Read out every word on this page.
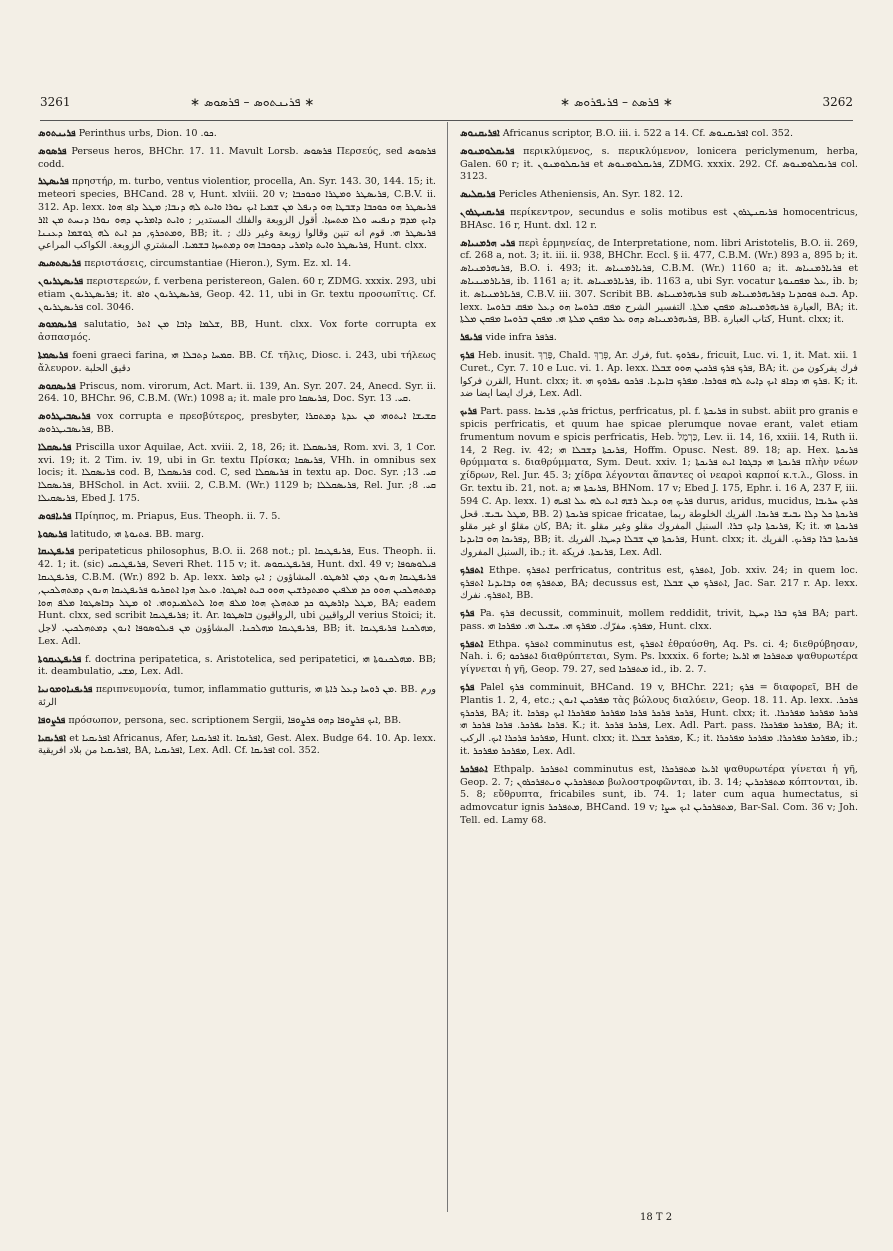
3261	∗ ܦܪܝܢܬܘܣ – ܦܪܣܘܣ ∗	∗ ܦܪܣܬ – ܦܪܝܦܪܘܣ ∗	3262
ܦܪܝܢܬܘܣ Perinthus urbs, Dion. ܟܘ. 10.
ܦܪܣܘܣ Perseus heros, BHChr. 17. 11. Mavult Lorsb. ܦܪܣܘܣ Περσεύς, sed ܦܪܣܘܣ codd.
ܦܪܝܣܛܪ πρηστήρ, m. turbo, ventus violentior, procella, An. Syr. 143. 30, 144. 15; it. meteori species, BHCand. 28 v, Hunt. xlviii. 20 v; ܦܪܝܣܛܪ ܘܡܛܪܐ ܘܟܘܟܒܐ, C.B.V. ii. 312. Ap. lexx. ܦܪܝܣܛܪ ܗܘ ܟܘܟܒܐ ܕܫܒܛܐ ܗܘ ܕܢܦܠ ܡܢ ܫܡܝܐ ܐܝܟ ܢܘܪܐ ܘܐܝܬ ܠܗ ܕܢܒܐ; ܡܛܠ ܕܐܦ ܗܘܐ ܕܐܝܟ ܡܕܡ ܕܢܦܝܚ ܘܠܐ ܡܬܚܙܐ. أقول الزوبعة والفلك المستدير ; ܘܐܝܬ ܕܐܡܪܝܢ ܕܗܘ ܢܘܪܐ ܕܢܚܬ ܡܢ ܐܐܪ ܘܡܬܟܪܟ, ܟܕ ܐܝܬ ܠܗ ܓܘܫܡܐ ܕܥܢܢܐ, BB; it. ܦܪܝܣܛܪ ܗܝ. قوم انه تنين وقالوا زوبعة وغير ذلك ; ܦܪܝܣܛܪ ܘܐܝܬ ܕܐܡܪܝ ܕܟܘܟܒܐ ܗܘ ܕܡܬܚܙܐ ܒܫܡܝܐ. المشتري الزوبعة. الكواكب المراعي, Hunt. clxx.
ܦܪܝܣܬܣܝܣ περιστάσεις, circumstantiae (Hieron.), Sym. Ez. xl. 14.
ܦܪܝܣܛܪܝܘܢ περιστερεών, f. verbena peristereon, Galen. 60 r, ZDMG. xxxix. 293, ubi etiam ܦܪܝܣܛܪܝܘܢ; it. ܦܪܝܣܛܪܝܘܢ ܘܐܦ, Geop. 42. 11, ubi in Gr. textu προσωπῖτις. Cf. ܦܪܝܣܛܪܝܘܢ col. 3046.
ܦܪܝܣܡܘܣ salutatio, ܫܠܡܐ ܕܐܒܐ ܡܢ ܐܬܪ, BB, Hunt. clxx. Vox forte corrupta ex ἀσπασμός.
ܦܪܝܣܡܬܐ foeni graeci farina, ܩܡܚܐ ܕܬܒܠܐ ܗܝ. BB. Cf. τῆλις, Diosc. i. 243, ubi τήλεως ἄλευρον. دقيق الحلبة
ܦܪܝܣܩܘܣ Priscus, nom. virorum, Act. Mart. ii. 139, An. Syr. 207. 24, Anecd. Syr. ii. 264. 10, BHChr. 96, C.B.M. (Wr.) 1098 a; it. male pro ܦܪܝܣܩܐ, Doc. Syr. ܩܝ. 13.
ܦܪܝܣܒܝܛܪܘܣ vox corrupta e πρεσβύτερος, presbyter, ܩܫܝܫܐ ܐܝܬܘܗܝ ܡܢ ܥܕܬܐ ܕܡܬܩܪܐ ܦܪܝܣܒܝܛܪܘܣ, BB.
ܦܪܝܣܩܠܐ Priscilla uxor Aquilae, Act. xviii. 2, 18, 26; it. ܦܪܝܣܩܠܐ, Rom. xvi. 3, 1 Cor. xvi. 19; it. 2 Tim. iv. 19, ubi in Gr. textu Πρίσκα; ܦܪܝܣܩܐ, VHh. in omnibus sex locis; it. ܦܪܝܣܩܠܐ cod. B, ܦܪܝܣܩܠܐ cod. C, sed ܦܪܝܣܩܠܐ in textu ap. Doc. Syr. ܩܝ. 13; ܦܪܝܣܩܠܐ, BHSchol. in Act. xviii. 2, C.B.M. (Wr.) 1129 b; ܦܪܝܣܩܠܠܐ, Rel. Jur. ܩܝ. 8; ܦܪܝܣܩܝܠܐ, Ebed J. 175.
ܦܪܝܐܦܘܣ Πρίηπος, m. Priapus, Eus. Theoph. ii. 7. 5.
ܦܪܝܣܘܬܐ latitudo, ܦܬܝܘܬܐ ܗܝ. BB. marg.
ܦܪܝܦܛܝܩܐ peripateticus philosophus, B.O. ii. 268 not.; pl. ܦܪܝܦܛܝܩܐ, Eus. Theoph. ii. 42. 1; it. (sic) ܦܪܝܦܛܝܩܝ, Severi Rhet. 115 v; it. ܦܪܝܦܛܝܩܘܣ, Hunt. dxl. 49 v; ܦܝܠܘܣܘܦܐ ܦܪܝܦܛܝܩܐ, C.B.M. (Wr.) 892 b. Ap. lexx. ܦܪܝܦܛܝܩܐ ܗܢܘܢ ܕܡܢ ܐܪܣܛܘ. المشاؤون ; ܐܝܟ ܕܐܡܪ ܕܡܬܗܠܟܝܢ ܗܘܘ ܟܕ ܡܠܦܝܢ ܘܡܬܕܪܫܝܢ ܗܘܘ ܒܝܬ ܐܣܛܘܐ. ܘܥܠ ܗܕܐ ܐܬܩܪܝܘ ܦܪܝܦܛܝܩܐ ܗܢܘܢ ܕܡܬܗܠܟܝܢ, ܡܛܠ ܕܐܪܣܛܘ ܟܕ ܡܬܗܠܟ ܗܘܐ ܡܠܦ ܗܘܐ ܠܬܠܡܝܕܘܗܝ. ܐܘ ܡܛܠ ܕܒܐܣܛܘܐ ܡܠܦ ܗܘܐ, BA; eadem Hunt. clxx, sed scribit ܦܪܝܦܛܝܩܐ; it. Ar. الرواقيون ܒܐܣܛܘܐ, ubi الرواقيين verius Stoici; it. ܦܪܝܦܛܝܩܐ ܡܗܠܟܢܐ. المشاؤون ܡܢ ܦܝܠܘܣܘܦܐ ܐܢܘܢ ܕܡܬܗܠܟܝܢ. لاجل, BB; it. ܡܗܠܟܢܐ ܦܪܝܦܛܝܩܐ, Lex. Adl.
ܦܪܝܦܛܝܩܘܬܐ f. doctrina peripatetica, s. Aristotelica, sed peripatetici, ܡܗܠܟܢܘܬܐ ܗܝ. BB; it. deambulatio, ܡܫܝ, Lex. Adl.
ܦܪܝܦܢܐܘܡܘܢܝܐ περιπνευμονία, tumor, inflammatio gutturis, ܡܢ ܪܘܚܐ ܕܥܠ ܪܐܬܐ ܗܝ. BB. ورم الرئة
ܦܪܨܘܦܐ πρόσωπον, persona, sec. scriptionem Sergii, ܐܝܟ ܦܪܨܘܦܐ ܕܗܘ ܦܪܨܘܦܐ, BB.
ܐܦܪܝܩܝܐ et ܐܦܪܝܩܝܐ Africanus, Afer, ܐܦܪܝܩܝܐ it. ܐܦܪܝܩܐ, Gest. Alex. Budge 64. 10. Ap. lexx. ܐܦܪܝܩܝܐ من بلاد افريقية, BA, ܐܦܪܝܩܝܐ, Lex. Adl. Cf. ܐܦܪܝܩܐ col. 352.
ܐܦܪܝܩܢܘܣ Africanus scriptor, B.O. iii. i. 522 a 14. Cf. ܐܦܪܝܩܢܘܣ col. 352.
ܦܪܝܩܠܘܡܢܘܣ περικλύμενος, s. περικλύμενον, lonicera periclymenum, herba, Galen. 60 r; it. ܦܪܝܩܠܘܡܢܘܢ et ܦܪܝܩܠܘܡܢܘܣ, ZDMG. xxxix. 292. Cf. ܦܪܝܩܠܘܡܢܘܣ col. 3123.
ܦܪܝܩܠܝܣ Pericles Atheniensis, An. Syr. 182. 12.
ܦܪܝܩܢܛܪܘܢ περίκεντρον, secundus e solis motibus est ܦܪܝܩܢܛܪܘܢ homocentricus, BHAsc. 16 r, Hunt. dxl. 12 r.
ܦܪܝ ܗܪܡܢܝܐܣ περὶ ἑρμηνείας, de Interpretatione, nom. libri Aristotelis, B.O. ii. 269, cf. 268 a, not. 3; it. iii. ii. 938, BHChr. Eccl. § ii. 477, C.B.M. (Wr.) 893 a, 895 b; it. ܦܪܝܗܪܡܢܝܐܣ, B.O. i. 493; it. ܦܪܝܐܪܡܢܝܐܣ, C.B.M. (Wr.) 1160 a; it. ܦܪܝܐܪܡܢܝܐܣ et ܦܪܝܐܪܡܝܢܝܐܣ, ib. 1161 a; it. ܦܪܝܐܪܡܢܝܐܣ, ib. 1163 a, ubi Syr. vocatur ܥܠ ܡܦܩܢܘܬܐ, ib. b; it. ܦܪܝܐܪܡܢܝܐܣ, C.B.V. iii. 307. Scribit BB. ܦܪܝܗܪܡܢܝܐܣ sub ܒܝܬ ܦܘܩܕܢܐ ܕܦܪܝܗܪܡܢܝܐܣ. Ap. lexx. العبارة ܦܪܝܗܪܡܢܝܐܣ ܡܦܩܢ ܡܠܬܐ. التفسير الشرح ܡܦܩ ܒܪܘܚܐ ܗܘ ܕܥܠ ܡܦܩ ܒܪܘܚܐ, BA; it. ܦܪܝܗܪܡܢܝܐܣ ܕܗܘ ܥܠ ܡܦܩܢ ܡܠܬܐ ܗܝ. ܡܦܩܢ ܒܪܘܚܐ ܡܦܩܢ ܡܠܬܐ, BB. كتاب العبارة, Hunt. clxx; it.
ܦܪܝܦܪ vide infra ܦܪܦܪ.
ܦܪܟ Heb. inusit. פָּרַךְ, Chald. פְּרַךְ, Ar. فرك, fut. ܢܦܪܘܟ, fricuit, Luc. vi. 1, it. Mat. xii. 1 Curet., Cyr. 7. 10 e Luc. vi. 1. Ap. lexx. ܦܪܟ ܦܪܟ ܦܪܟܝܢ ܗܘܘ ܫܒܠܐ, BA; it. فرك يفركون من القرن فركوا, Hunt. clxx; it. ܦܪܟ ܗܝ ܕܟܐܦ ܐܝܟ ܕܐܝܬ ܠܗ ܦܘܪܟܐ. ܡܦܪܟ ܒܐܝܕܝܐ. ܦܪܟܘ ܝܦܪܘܟ ܗܝ. K; it. فرك ايضا ايضا ضد, Lex. Adl.
ܦܪܝܟ Part. pass. ܦܪܝܟ, ܦܪܝܟܐ frictus, perfricatus, pl. f. ܦܪܝܟܬܐ in subst. abiit pro granis e spicis perfricatis, et quum hae spicae plerumque novae erant, valet etiam frumentum novum e spicis perfricatis, Heb. כַּרְמֶל, Lev. ii. 14, 16, xxiii. 14, Ruth ii. 14, 2 Reg. iv. 42; ܦܪܝܟܬܐ ܕܫܒܠܐ ܗܝ, Hoffm. Opusc. Nest. 89. 18; ap. Hex. ܦܪܝܟܬܐ θρύμματα s. διαθρύμματα, Sym. Deut. xxiv. 1; ܦܪܝܟܬܐ ܗܝ ܕܒܓܘܐ ܐܝܬ ܦܪܝܟܬܐ πλὴν νέων χίδρων, Rel. Jur. 45. 3; χίδρα λέγονται ἅπαντες οἱ νεαροὶ καρποί κ.τ.λ., Gloss. in Gr. textu ib. 21, not. a; ܦܪܝܟܬܐ ܗܝ, BHNom. 17 v; Ebed J. 175, Ephr. i. 16 A, 237 F, iii. 594 C. Ap. lexx. 1) ܦܪܝܟ ܗܘ ܕܥܠ ܪܫܗ ܐܝܬ ܠܗ ܥܠ ܐܦܝܗ durus, aridus, mucidus, ܦܪܝܟ ܚܪܝܒܐ ܡܛܠ ܝܒܝܫ. قحل, BB. 2) ܦܪܝܟܬܐ spicae fricatae, ܦܪܝܟܬܐ ܟܠ ܕܠܐ ܝܒܝܫ ܦܪܝܟܐ. الفريك الخلوطة ربما كان مقلوّ او غير مقلو, BA; it. ܦܪܝܟܬܐ ܕܐܝܟ ܒܪܐ. السنبل المفروك مقلو وغير مقلو, K; it. ܦܪܝܟܬܐ ܗܝ ܕܦܪܝܟܐ ܗܘ ܒܐܝܕܝܐ, BB; it. ܦܪܝܟܬܐ ܡܢ ܫܒܠܐ ܕܚܛܐ. الفريك, Hunt. clxx; it. ܦܪܝܟܬܐ ܒܪܐ ܕܦܪܝܟ. الفريك السنبل المفروك, ib.; it. ܦܪܝܟܬܐ. فريكة, Lex. Adl.
ܐܬܦܪܟ Ethpe. ܐܬܦܪܟ perfricatus, contritus est, ܐܬܦܪܟ, Job. xxiv. 24; in quem loc. ܡܬܦܪܟ ܗܘ ܕܒܐܝܕܝܐ ܐܬܦܪܟ, BA; decussus est, ܐܬܦܪܟ ܡܢ ܫܒܠܐ, Jac. Sar. 217 r. Ap. lexx. ܐܬܦܪܟ. نفرك, BB.
ܦܪܟ Pa. ܦܪܟ decussit, comminuit, mollem reddidit, trivit, ܦܪܟ ܒܪܐ ܕܚܛܐ BA; part. pass. ܡܦܪܟ. مفرّك. ܡܦܪܟ ܗܝ. ܚܫܝܠ ܗܝ. ܡܦܪܟܐ ܗܝ, Hunt. clxx.
ܐܬܦܪܟ Ethpa. ܐܬܦܪܟ comminutus est, ܐܬܦܪܟ ἐθραύσθη, Aq. Ps. ci. 4; διεθρύβησαν, Nah. i. 6; ܐܬܦܪܟܘ διαθρύπτεται, Sym. Ps. lxxxix. 6 forte; ܡܬܦܪܟܐ ܗܝ ܐܪܥܐ ψαθυρωτέρα γίγνεται ἡ γῆ, Geop. 79. 27, sed ܡܬܦܪܟܐ id., ib. 2. 7.
ܦܪܟ Palel ܦܪܟ comminuit, BHCand. 19 v, BHChr. 221; ܦܪܟ = διαφορεῖ, BH de Plantis 1. 2, 4, etc.; ܡܦܪܟܝܢ ܐܢܘܢ τὰς βώλους διαλύειν, Geop. 18. 11. Ap. lexx. ܦܪܟܪ. ܦܪܟܪܟ, BA; it. ܦܪܟܪ ܦܪܟܪ ܦܪܟܐ ܡܦܪܟܪ ܡܦܪܟܪܐ ܐܝܟ ܕܦܪܟܐ, Hunt. clxx; it. ܦܪܟܪ ܡܦܪܟܪ ܡܦܪܟܪܐ. ܦܪܟܐ ܝܦܪܟܪ. ܦܪܟܐ ܦܪܟܪ ܗܝ. K.; it. ܦܪܟܪ ܦܪܟܪ, Lex. Adl. Part. pass. ܡܦܪܟܪ ܡܦܪܟܪܐ, BA; it. ܡܦܪܟܪ ܦܪܟܪܐ ܐܝܟ. الركب, Hunt. clxx; it. ܡܦܪܟܪ ܫܒܠܐ, K.; it. ܡܦܪܟܪ ܡܦܪܟܪܐ. ܡܦܪܟܪ ܡܦܪܟܪܐ, ib.; it. ܡܦܪܟܪ ܡܦܪܟܪ, Lex. Adl.
ܐܬܦܪܟܪ Ethpalp. ܐܬܦܪܟܪ comminutus est, ܐܪܥܐ ܡܬܦܪܟܪܐ ψαθυρωτέρα γίνεται ἡ γῆ, Geop. 2. 7; ܡܬܦܪܟܪܝܢ ܘܢܬܦܪܟܪܘܢ βωλοστροφῶνται, ib. 3. 14; ܡܬܦܪܟܪܝܢ κόπτονται, ib. 5. 8; εὔθρυπτα, fricabiles sunt, ib. 74. 1; later cum aqua humectatus, si admovcatur ignis ܡܬܦܪܟܪ, BHCand. 19 v; ܡܬܦܪܟܪܝܢ ܐܝܟ ܚܨܐ, Bar-Sal. Com. 36 v; Joh. Tell. ed. Lamy 68.
18 T 2
